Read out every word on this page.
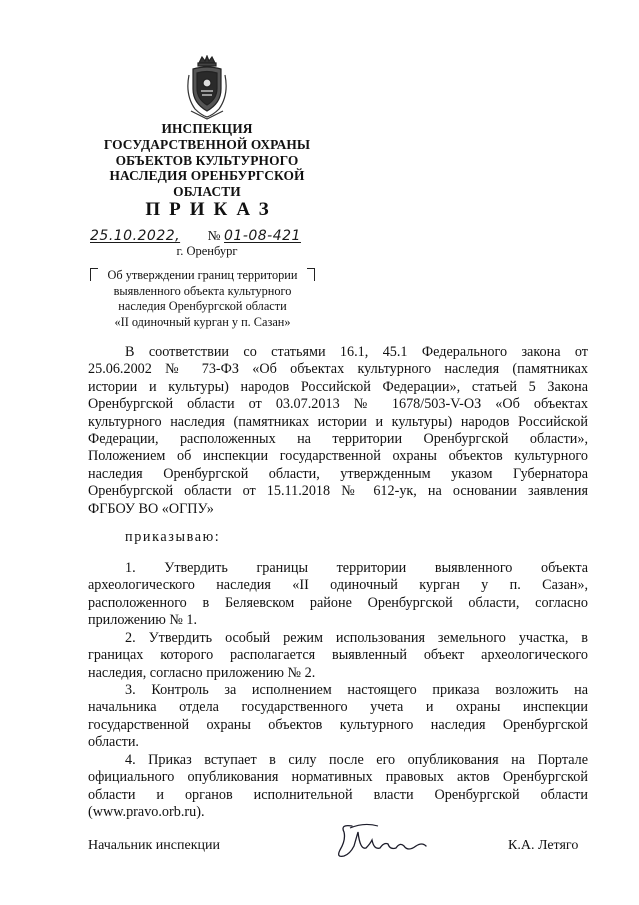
ИНСПЕКЦИЯ
ГОСУДАРСТВЕННОЙ ОХРАНЫ
ОБЪЕКТОВ КУЛЬТУРНОГО
НАСЛЕДИЯ ОРЕНБУРГСКОЙ
ОБЛАСТИ
ПРИКАЗ
25.10.2022, № 01-08-421
г. Оренбург
Об утверждении границ территории
выявленного объекта культурного
наследия Оренбургской области
«II одиночный курган у п. Сазан»
В соответствии со статьями 16.1, 45.1 Федерального закона от
25.06.2002 № 73-ФЗ «Об объектах культурного наследия (памятниках
истории и культуры) народов Российской Федерации», статьей 5 Закона
Оренбургской области от 03.07.2013 № 1678/503-V-ОЗ «Об объектах
культурного наследия (памятниках истории и культуры) народов Российской
Федерации, расположенных на территории Оренбургской области»,
Положением об инспекции государственной охраны объектов культурного
наследия Оренбургской области, утвержденным указом Губернатора
Оренбургской области от 15.11.2018 № 612-ук, на основании заявления
ФГБОУ ВО «ОГПУ»
приказываю:
1. Утвердить границы территории выявленного объекта
археологического наследия «II одиночный курган у п. Сазан»,
расположенного в Беляевском районе Оренбургской области, согласно
приложению № 1.
2. Утвердить особый режим использования земельного участка, в
границах которого располагается выявленный объект археологического
наследия, согласно приложению № 2.
3. Контроль за исполнением настоящего приказа возложить на
начальника отдела государственного учета и охраны инспекции
государственной охраны объектов культурного наследия Оренбургской
области.
4. Приказ вступает в силу после его опубликования на Портале
официального опубликования нормативных правовых актов Оренбургской
области и органов исполнительной власти Оренбургской области
(www.pravo.orb.ru).
Начальник инспекции	К.А. Летяго
